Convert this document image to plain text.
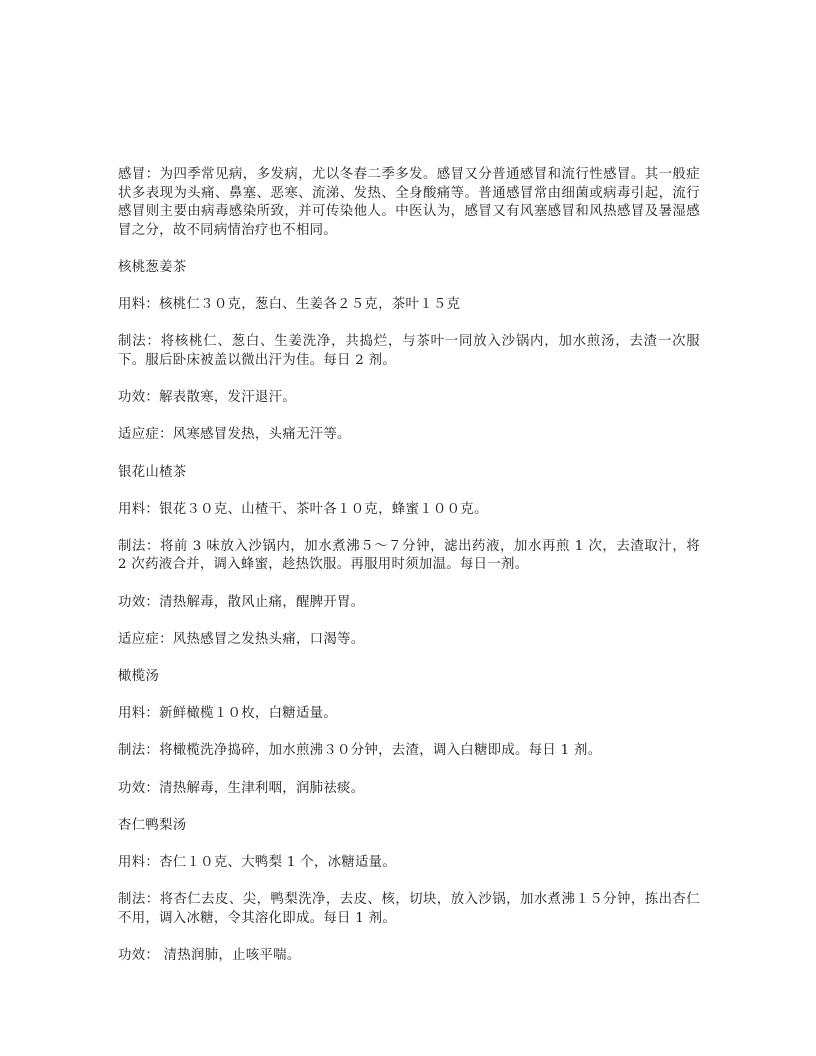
感冒：为四季常见病，多发病，尤以冬春二季多发。感冒又分普通感冒和流行性感冒。其一般症状多表现为头痛、鼻塞、恶寒、流涕、发热、全身酸痛等。普通感冒常由细菌或病毒引起，流行感冒则主要由病毒感染所致，并可传染他人。中医认为，感冒又有风塞感冒和风热感冒及暑湿感冒之分，故不同病情治疗也不相同。

核桃葱姜茶

用料：核桃仁３０克，葱白、生姜各２５克，茶叶１５克

制法：将核桃仁、葱白、生姜洗净，共捣烂，与茶叶一同放入沙锅内，加水煎汤，去渣一次服下。服后卧床被盖以微出汗为佳。每日 2 剂。

功效：解表散寒，发汗退汗。

适应症：风寒感冒发热，头痛无汗等。

银花山楂茶

用料：银花３０克、山楂干、茶叶各１０克，蜂蜜１００克。

制法：将前 3 味放入沙锅内，加水煮沸５～７分钟，滤出药液，加水再煎 1 次，去渣取汁，将 2 次药液合并，调入蜂蜜，趁热饮服。再服用时须加温。每日一剂。

功效：清热解毒，散风止痛，醒脾开胃。

适应症：风热感冒之发热头痛，口渴等。

橄榄汤

用料：新鲜橄榄１０枚，白糖适量。

制法：将橄榄洗净捣碎，加水煎沸３０分钟，去渣，调入白糖即成。每日 1 剂。

功效：清热解毒，生津利咽，润肺祛痰。

杏仁鸭梨汤

用料：杏仁１０克、大鸭梨 1 个，冰糖适量。

制法：将杏仁去皮、尖，鸭梨洗净，去皮、核，切块，放入沙锅，加水煮沸１５分钟，拣出杏仁不用，调入冰糖，令其溶化即成。每日 1 剂。

功效： 清热润肺，止咳平喘。
